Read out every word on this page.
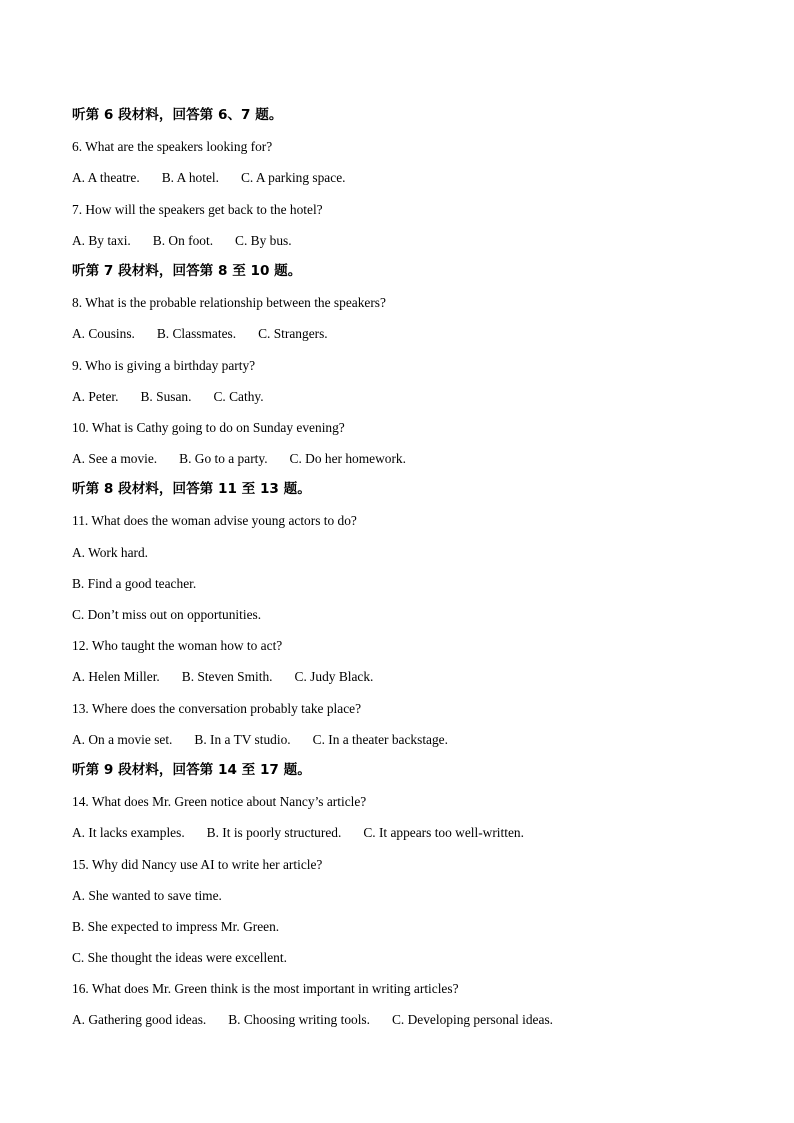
听第 6 段材料，回答第 6、7 题。
6. What are the speakers looking for?
A. A theatre. B. A hotel. C. A parking space.
7. How will the speakers get back to the hotel?
A. By taxi. B. On foot. C. By bus.
听第 7 段材料，回答第 8 至 10 题。
8. What is the probable relationship between the speakers?
A. Cousins. B. Classmates. C. Strangers.
9. Who is giving a birthday party?
A. Peter. B. Susan. C. Cathy.
10. What is Cathy going to do on Sunday evening?
A. See a movie. B. Go to a party. C. Do her homework.
听第 8 段材料，回答第 11 至 13 题。
11. What does the woman advise young actors to do?
A. Work hard.
B. Find a good teacher.
C. Don’t miss out on opportunities.
12. Who taught the woman how to act?
A. Helen Miller. B. Steven Smith. C. Judy Black.
13. Where does the conversation probably take place?
A. On a movie set. B. In a TV studio. C. In a theater backstage.
听第 9 段材料，回答第 14 至 17 题。
14. What does Mr. Green notice about Nancy’s article?
A. It lacks examples. B. It is poorly structured. C. It appears too well-written.
15. Why did Nancy use AI to write her article?
A. She wanted to save time.
B. She expected to impress Mr. Green.
C. She thought the ideas were excellent.
16. What does Mr. Green think is the most important in writing articles?
A. Gathering good ideas. B. Choosing writing tools. C. Developing personal ideas.
